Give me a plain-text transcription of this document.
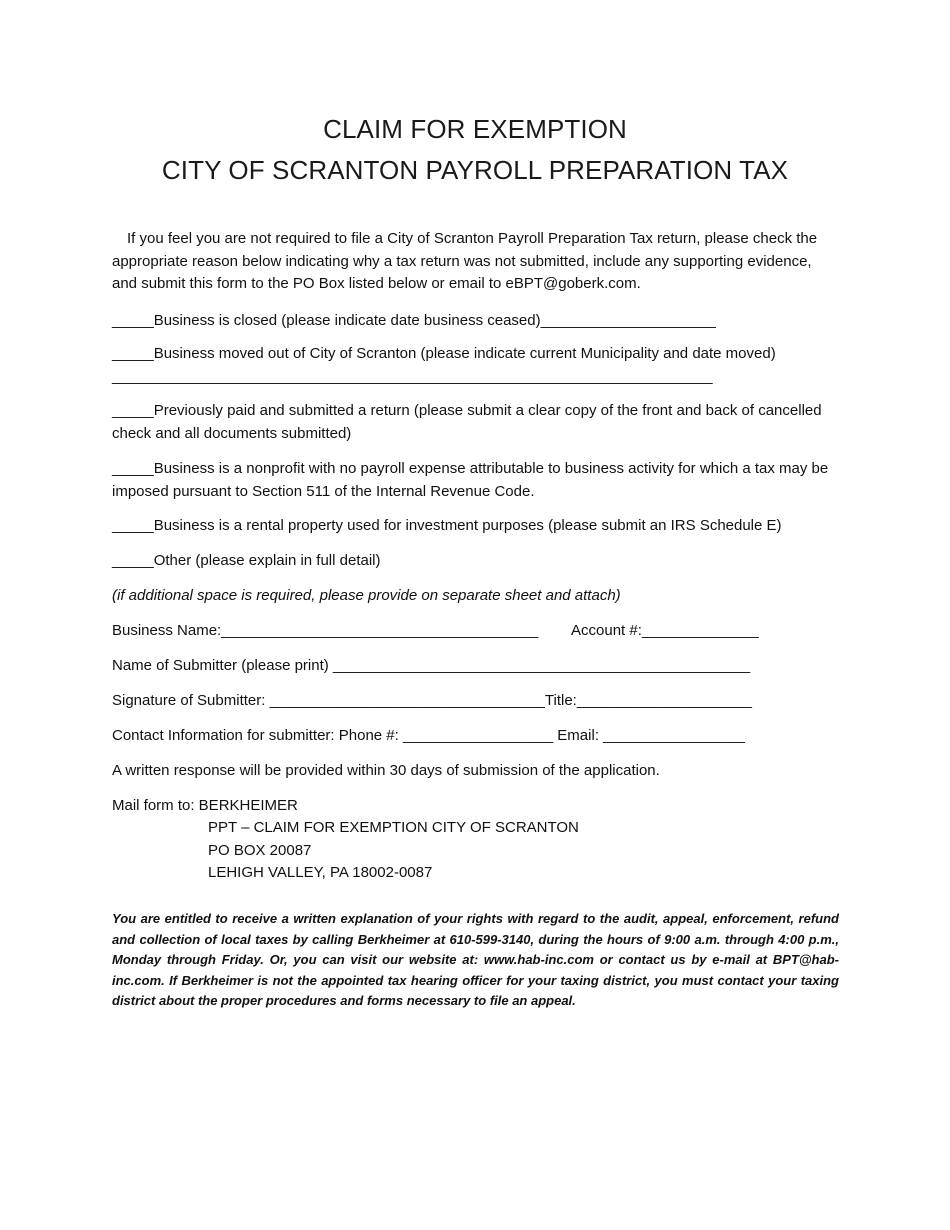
CLAIM FOR EXEMPTION
CITY OF SCRANTON PAYROLL PREPARATION TAX
If you feel you are not required to file a City of Scranton Payroll Preparation Tax return, please check the appropriate reason below indicating why a tax return was not submitted, include any supporting evidence, and submit this form to the PO Box listed below or email to eBPT@goberk.com.
_____Business is closed (please indicate date business ceased)_____________________
_____Business moved out of City of Scranton (please indicate current Municipality and date moved)
________________________________________________________________________
_____Previously paid and submitted a return (please submit a clear copy of the front and back of cancelled check and all documents submitted)
_____Business is a nonprofit with no payroll expense attributable to business activity for which a tax may be imposed pursuant to Section 511 of the Internal Revenue Code.
_____Business is a rental property used for investment purposes (please submit an IRS Schedule E)
_____Other (please explain in full detail)
(if additional space is required, please provide on separate sheet and attach)
Business Name:______________________________________ Account #:______________
Name of Submitter (please print) __________________________________________________
Signature of Submitter: _________________________________Title:_____________________
Contact Information for submitter: Phone #: __________________ Email: _________________
A written response will be provided within 30 days of submission of the application.
Mail form to: BERKHEIMER
PPT – CLAIM FOR EXEMPTION CITY OF SCRANTON
PO BOX 20087
LEHIGH VALLEY, PA 18002-0087
You are entitled to receive a written explanation of your rights with regard to the audit, appeal, enforcement, refund and collection of local taxes by calling Berkheimer at 610-599-3140, during the hours of 9:00 a.m. through 4:00 p.m., Monday through Friday. Or, you can visit our website at: www.hab-inc.com or contact us by e-mail at BPT@hab-inc.com. If Berkheimer is not the appointed tax hearing officer for your taxing district, you must contact your taxing district about the proper procedures and forms necessary to file an appeal.
